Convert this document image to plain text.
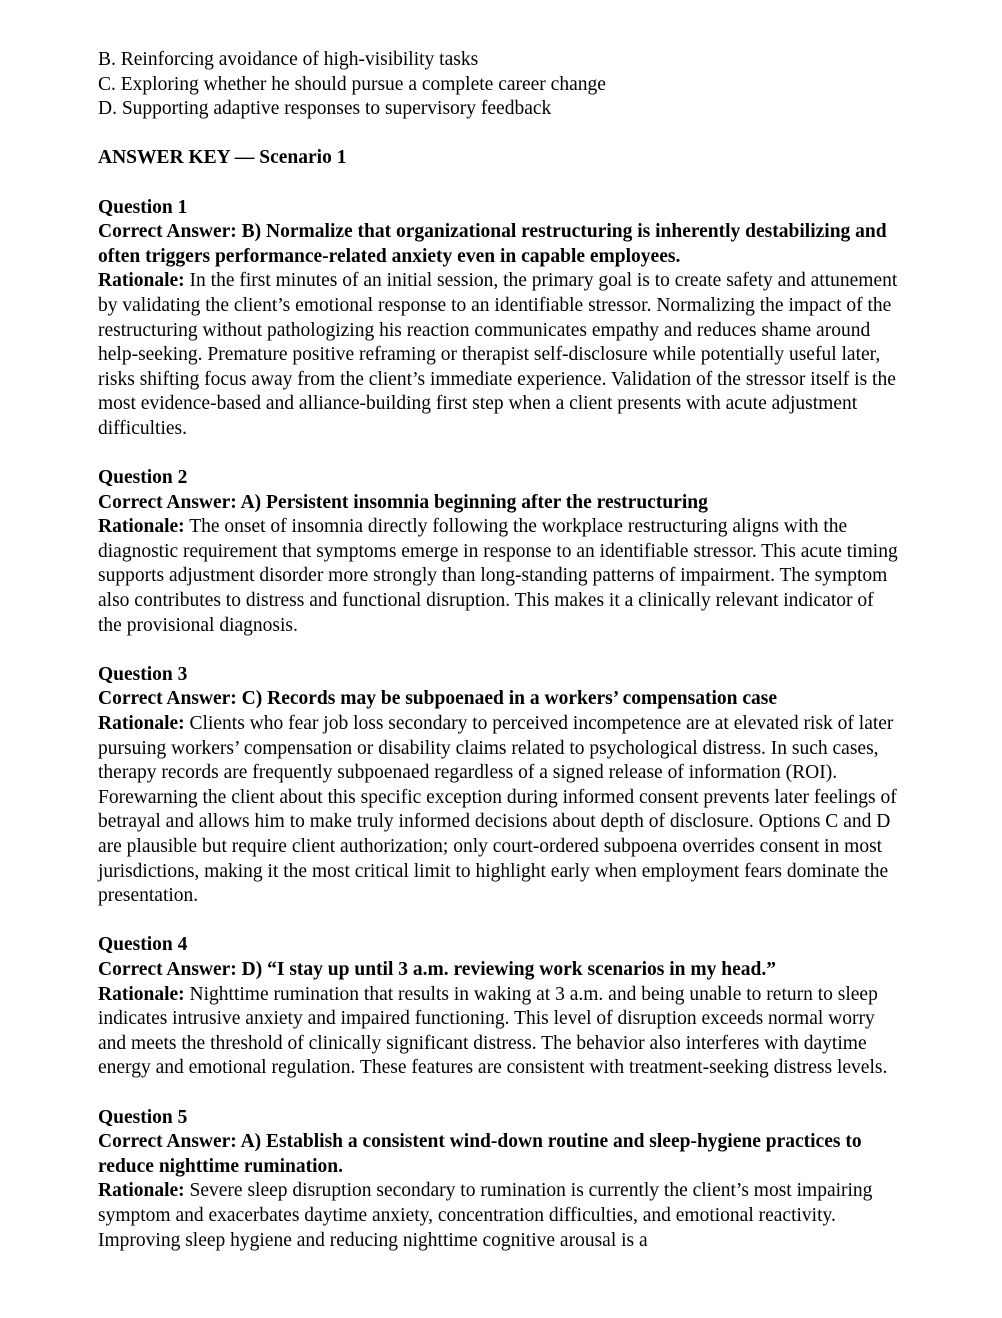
B. Reinforcing avoidance of high-visibility tasks
C. Exploring whether he should pursue a complete career change
D. Supporting adaptive responses to supervisory feedback

ANSWER KEY — Scenario 1

Question 1

Correct Answer: B) Normalize that organizational restructuring is inherently destabilizing and often triggers performance-related anxiety even in capable employees.

Rationale: In the first minutes of an initial session, the primary goal is to create safety and attunement by validating the client’s emotional response to an identifiable stressor. Normalizing the impact of the restructuring without pathologizing his reaction communicates empathy and reduces shame around help-seeking. Premature positive reframing or therapist self-disclosure while potentially useful later, risks shifting focus away from the client’s immediate experience. Validation of the stressor itself is the most evidence-based and alliance-building first step when a client presents with acute adjustment difficulties.

Question 2

Correct Answer: A) Persistent insomnia beginning after the restructuring

Rationale: The onset of insomnia directly following the workplace restructuring aligns with the diagnostic requirement that symptoms emerge in response to an identifiable stressor. This acute timing supports adjustment disorder more strongly than long-standing patterns of impairment. The symptom also contributes to distress and functional disruption. This makes it a clinically relevant indicator of the provisional diagnosis.

Question 3

Correct Answer: C) Records may be subpoenaed in a workers’ compensation case

Rationale: Clients who fear job loss secondary to perceived incompetence are at elevated risk of later pursuing workers’ compensation or disability claims related to psychological distress. In such cases, therapy records are frequently subpoenaed regardless of a signed release of information (ROI). Forewarning the client about this specific exception during informed consent prevents later feelings of betrayal and allows him to make truly informed decisions about depth of disclosure. Options C and D are plausible but require client authorization; only court-ordered subpoena overrides consent in most jurisdictions, making it the most critical limit to highlight early when employment fears dominate the presentation.

Question 4

Correct Answer: D) “I stay up until 3 a.m. reviewing work scenarios in my head.”

Rationale: Nighttime rumination that results in waking at 3 a.m. and being unable to return to sleep indicates intrusive anxiety and impaired functioning. This level of disruption exceeds normal worry and meets the threshold of clinically significant distress. The behavior also interferes with daytime energy and emotional regulation. These features are consistent with treatment-seeking distress levels.

Question 5

Correct Answer: A) Establish a consistent wind-down routine and sleep-hygiene practices to reduce nighttime rumination.

Rationale: Severe sleep disruption secondary to rumination is currently the client’s most impairing symptom and exacerbates daytime anxiety, concentration difficulties, and emotional reactivity. Improving sleep hygiene and reducing nighttime cognitive arousal is a
